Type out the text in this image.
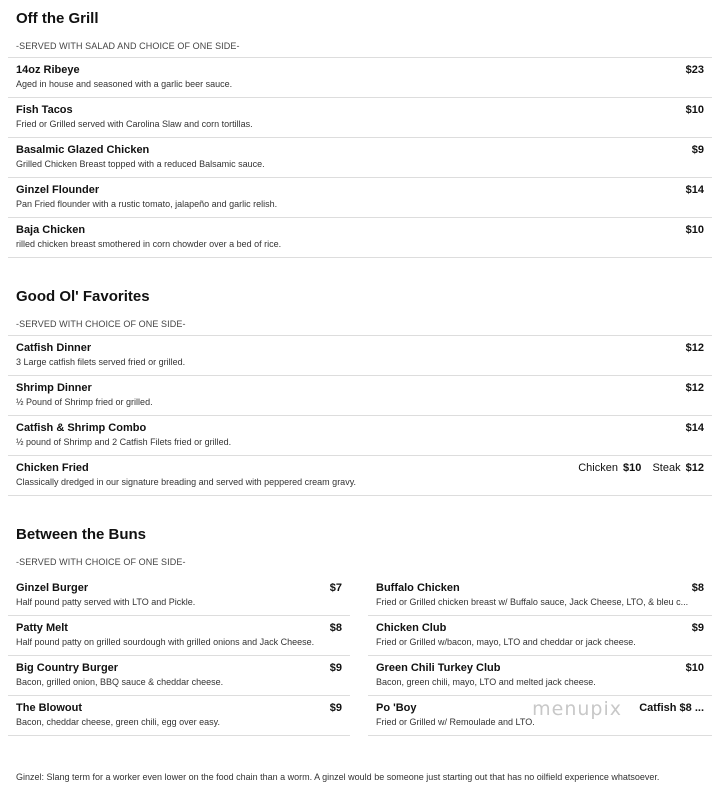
Off the Grill
-SERVED WITH SALAD AND CHOICE OF ONE SIDE-
14oz Ribeye
Aged in house and seasoned with a garlic beer sauce.
$23
Fish Tacos
Fried or Grilled served with Carolina Slaw and corn tortillas.
$10
Basalmic Glazed Chicken
Grilled Chicken Breast topped with a reduced Balsamic sauce.
$9
Ginzel Flounder
Pan Fried flounder with a rustic tomato, jalapeño and garlic relish.
$14
Baja Chicken
rilled chicken breast smothered in corn chowder over a bed of rice.
$10
Good Ol' Favorites
-SERVED WITH CHOICE OF ONE SIDE-
Catfish Dinner
3 Large catfish filets served fried or grilled.
$12
Shrimp Dinner
½ Pound of Shrimp fried or grilled.
$12
Catfish & Shrimp Combo
½ pound of Shrimp and 2 Catfish Filets fried or grilled.
$14
Chicken Fried
Classically dredged in our signature breading and served with peppered cream gravy.
Chicken $10 Steak $12
Between the Buns
-SERVED WITH CHOICE OF ONE SIDE-
Ginzel Burger
Half pound patty served with LTO and Pickle.
$7
Patty Melt
Half pound patty on grilled sourdough with grilled onions and Jack Cheese.
$8
Big Country Burger
Bacon, grilled onion, BBQ sauce & cheddar cheese.
$9
The Blowout
Bacon, cheddar cheese, green chili, egg over easy.
$9
Buffalo Chicken
Fried or Grilled chicken breast w/ Buffalo sauce, Jack Cheese, LTO, & bleu c...
$8
Chicken Club
Fried or Grilled w/bacon, mayo, LTO and cheddar or jack cheese.
$9
Green Chili Turkey Club
Bacon, green chili, mayo, LTO and melted jack cheese.
$10
Po 'Boy
Fried or Grilled w/ Remoulade and LTO.
Catfish $8 ...
menupix
Ginzel: Slang term for a worker even lower on the food chain than a worm. A ginzel would be someone just starting out that has no oilfield experience whatsoever.
